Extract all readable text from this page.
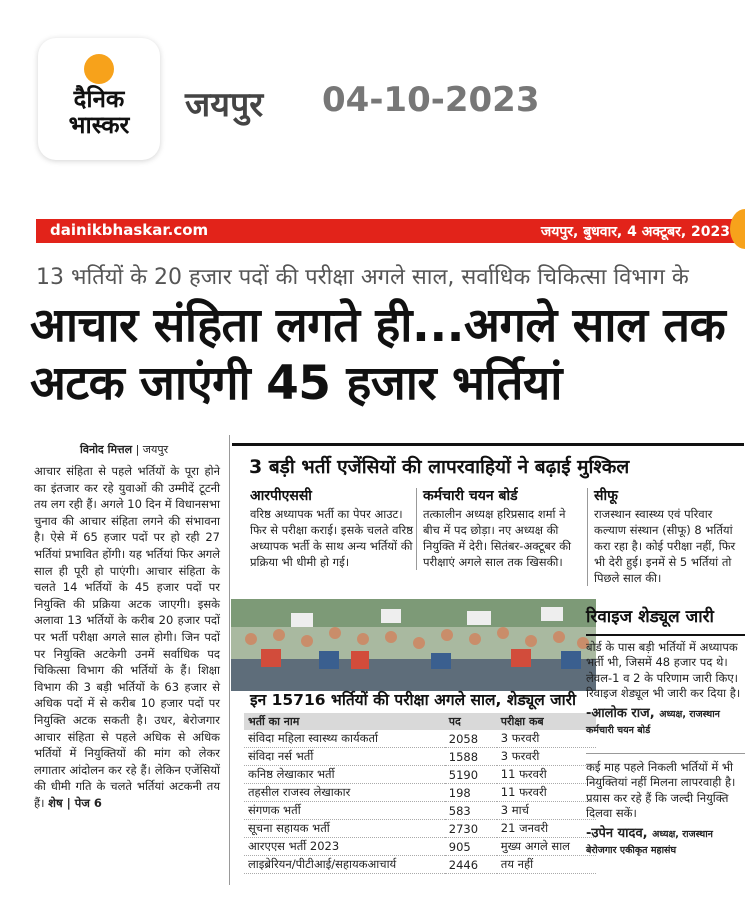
दैनिक
भास्कर	जयपुर 04-10-2023
dainikbhaskar.com	जयपुर, बुधवार, 4 अक्टूबर, 2023
13 भर्तियों के 20 हजार पदों की परीक्षा अगले साल, सर्वाधिक चिकित्सा विभाग के
आचार संहिता लगते ही...अगले साल तक अटक जाएंगी 45 हजार भर्तियां
विनोद मित्तल | जयपुर
आचार संहिता से पहले भर्तियों के पूरा होने का इंतजार कर रहे युवाओं की उम्मीदें टूटनी तय लग रही हैं। अगले 10 दिन में विधानसभा चुनाव की आचार संहिता लगने की संभावना है। ऐसे में 65 हजार पदों पर हो रही 27 भर्तियां प्रभावित होंगी। यह भर्तियां फिर अगले साल ही पूरी हो पाएंगी। आचार संहिता के चलते 14 भर्तियों के 45 हजार पदों पर नियुक्ति की प्रक्रिया अटक जाएगी। इसके अलावा 13 भर्तियों के करीब 20 हजार पदों पर भर्ती परीक्षा अगले साल होगी। जिन पदों पर नियुक्ति अटकेगी उनमें सर्वाधिक पद चिकित्सा विभाग की भर्तियों के हैं। शिक्षा विभाग की 3 बड़ी भर्तियों के 63 हजार से अधिक पदों में से करीब 10 हजार पदों पर नियुक्ति अटक सकती है। उधर, बेरोजगार आचार संहिता से पहले अधिक से अधिक भर्तियों में नियुक्तियों की मांग को लेकर लगातार आंदोलन कर रहे हैं। लेकिन एजेंसियों की धीमी गति के चलते भर्तियां अटकनी तय हैं। शेष | पेज 6
3 बड़ी भर्ती एजेंसियों की लापरवाहियों ने बढ़ाई मुश्किल
आरपीएससी
वरिष्ठ अध्यापक भर्ती का पेपर आउट। फिर से परीक्षा कराई। इसके चलते वरिष्ठ अध्यापक भर्ती के साथ अन्य भर्तियों की प्रक्रिया भी धीमी हो गई।
कर्मचारी चयन बोर्ड
तत्कालीन अध्यक्ष हरिप्रसाद शर्मा ने बीच में पद छोड़ा। नए अध्यक्ष की नियुक्ति में देरी। सितंबर-अक्टूबर की परीक्षाएं अगले साल तक खिसकी।
सीफू
राजस्थान स्वास्थ्य एवं परिवार कल्याण संस्थान (सीफू) 8 भर्तियां करा रहा है। कोई परीक्षा नहीं, फिर भी देरी हुई। इनमें से 5 भर्तियां तो पिछले साल की।
इन 15716 भर्तियों की परीक्षा अगले साल, शेड्यूल जारी
भर्ती का नाम	पद	परीक्षा कब
संविदा महिला स्वास्थ्य कार्यकर्ता	2058	3 फरवरी
संविदा नर्स भर्ती	1588	3 फरवरी
कनिष्ठ लेखाकार भर्ती	5190	11 फरवरी
तहसील राजस्व लेखाकार	198	11 फरवरी
संगणक भर्ती	583	3 मार्च
सूचना सहायक भर्ती	2730	21 जनवरी
आरएएस भर्ती 2023	905	मुख्य अगले साल
लाइब्रेरियन/पीटीआई/सहायकआचार्य	2446	तय नहीं
रिवाइज शेड्यूल जारी
बोर्ड के पास बड़ी भर्तियों में अध्यापक भर्ती भी, जिसमें 48 हजार पद थे। लेवल-1 व 2 के परिणाम जारी किए। रिवाइज शेड्यूल भी जारी कर दिया है।
-आलोक राज, अध्यक्ष, राजस्थान कर्मचारी चयन बोर्ड
कई माह पहले निकली भर्तियों में भी नियुक्तियां नहीं मिलना लापरवाही है। प्रयास कर रहे हैं कि जल्दी नियुक्ति दिलवा सकें।
-उपेन यादव, अध्यक्ष, राजस्थान बेरोजगार एकीकृत महासंघ
